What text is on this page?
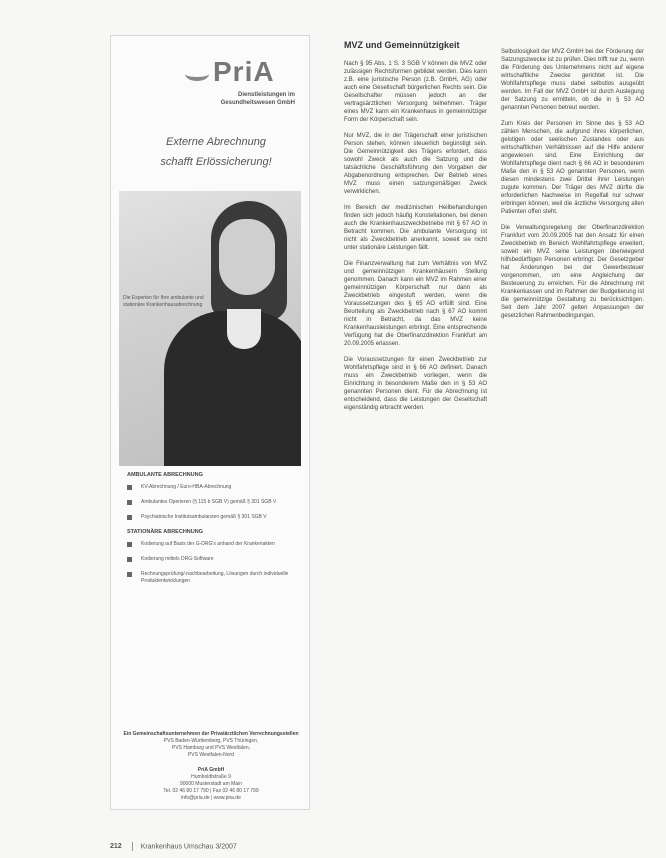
PriA
Dienstleistungen im
Gesundheitswesen GmbH
Externe Abrechnung
schafft Erlössicherung!
Die Experten für Ihre ambulante und stationäre Krankenhausabrechnung
AMBULANTE ABRECHNUNG
KV-Abrechnung / Euro-HBA-Abrechnung
Ambulantes Operieren (§ 115 b SGB V) gemäß § 301 SGB V
Psychiatrische Institutsambulanzen gemäß § 301 SGB V
STATIONÄRE ABRECHNUNG
Kodierung auf Basis der G-DRG's anhand der Krankenakten
Kodierung mittels DRG-Software
Rechnungsprüfung/-nachbearbeitung, Lösungen durch individuelle Produktentwicklungen
Ein Gemeinschaftsunternehmen der Privatärztlichen Verrechnungsstellen
PVS Baden-Württemberg, PVS Thüringen,
PVS Hamburg und PVS Westfalen,
PVS Westfalen-Nord
PriA GmbH
Humboldtstraße 9
90000 Musterstadt am Main
Tel. 02 46 80 17 790 | Fax 02 46 80 17 799
info@pria.de | www.pria.de
MVZ und Gemeinnützigkeit

Nach § 95 Abs. 1 S. 3 SGB V können die MVZ oder zulässigen Rechtsformen gebildet werden. Dies kann z.B. eine juristische Person (z.B. GmbH, AG) oder auch eine Gesellschaft bürgerlichen Rechts sein. Die Gesellschafter müssen jedoch an der vertragsärztlichen Versorgung teilnehmen. Träger eines MVZ kann ein Krankenhaus in gemeinnütziger Form der Körperschaft sein.

Nur MVZ, die in der Trägerschaft einer juristischen Person stehen, können steuerlich begünstigt sein. Die Gemeinnützigkeit des Trägers erfordert, dass sowohl Zweck als auch die Satzung und die tatsächliche Geschäftsführung den Vorgaben der Abgabenordnung entsprechen. Der Betrieb eines MVZ muss einen satzungsmäßigen Zweck verwirklichen.

Im Bereich der medizinischen Heilbehandlungen finden sich jedoch häufig Konstellationen, bei denen auch die Krankenhauszweckbetriebe mit § 67 AO in Betracht kommen. Die ambulante Versorgung ist nicht als Zweckbetrieb anerkannt, soweit sie nicht unter stationäre Leistungen fällt.

Die Finanzverwaltung hat zum Verhältnis von MVZ und gemeinnützigen Krankenhäusern Stellung genommen. Danach kann ein MVZ im Rahmen einer gemeinnützigen Körperschaft nur dann als Zweckbetrieb eingestuft werden, wenn die Voraussetzungen des § 65 AO erfüllt sind. Eine Beurteilung als Zweckbetrieb nach § 67 AO kommt nicht in Betracht, da das MVZ keine Krankenhausleistungen erbringt. Eine entsprechende Verfügung hat die Oberfinanzdirektion Frankfurt am 20.09.2005 erlassen.

Die Voraussetzungen für einen Zweckbetrieb zur Wohlfahrtspflege sind in § 66 AO definiert. Danach muss ein Zweckbetrieb vorliegen, wenn die Einrichtung in besonderem Maße den in § 53 AO genannten Personen dient. Für die Abrechnung ist entscheidend, dass die Leistungen der Gesellschaft eigenständig erbracht werden.

Selbstlosigkeit der MVZ GmbH bei der Förderung der Satzungszwecke ist zu prüfen. Dies trifft nur zu, wenn die Förderung des Unternehmens nicht auf eigene wirtschaftliche Zwecke gerichtet ist. Die Wohlfahrtspflege muss dabei selbstlos ausgeübt werden. Im Fall der MVZ GmbH ist durch Auslegung der Satzung zu ermitteln, ob die in § 53 AO genannten Personen betreut werden.

Zum Kreis der Personen im Sinne des § 53 AO zählen Menschen, die aufgrund ihres körperlichen, geistigen oder seelischen Zustandes oder aus wirtschaftlichen Verhältnissen auf die Hilfe anderer angewiesen sind. Eine Einrichtung der Wohlfahrtspflege dient nach § 66 AO in besonderem Maße den in § 53 AO genannten Personen, wenn diesen mindestens zwei Drittel ihrer Leistungen zugute kommen. Der Träger des MVZ dürfte die erforderlichen Nachweise im Regelfall nur schwer erbringen können, weil die ärztliche Versorgung allen Patienten offen steht.

Die Verwaltungsregelung der Oberfinanzdirektion Frankfurt vom 20.09.2005 hat den Ansatz für einen Zweckbetrieb im Bereich Wohlfahrtspflege erweitert, soweit ein MVZ seine Leistungen überwiegend hilfsbedürftigen Personen erbringt. Der Gesetzgeber hat Änderungen bei der Gewerbesteuer vorgenommen, um eine Angleichung der Besteuerung zu erreichen. Für die Abrechnung mit Krankenkassen und im Rahmen der Budgetierung ist die gemeinnützige Gestaltung zu berücksichtigen. Seit dem Jahr 2007 gelten Anpassungen der gesetzlichen Rahmenbedingungen.

212	Krankenhaus Umschau 3/2007
